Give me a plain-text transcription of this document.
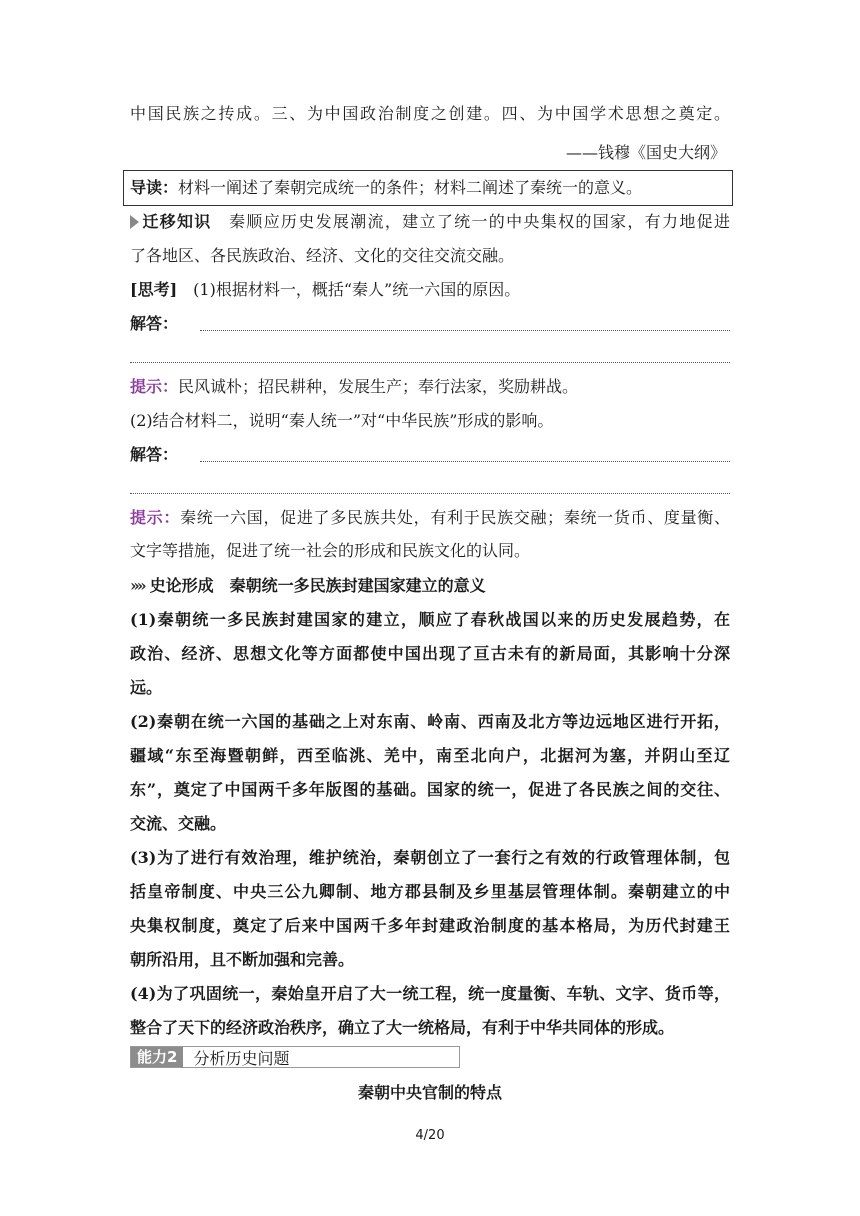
中国民族之抟成。三、为中国政治制度之创建。四、为中国学术思想之奠定。
——钱穆《国史大纲》
导读：材料一阐述了秦朝完成统一的条件；材料二阐述了秦统一的意义。
迁移知识　 秦顺应历史发展潮流，建立了统一的中央集权的国家，有力地促进
了各地区、各民族政治、经济、文化的交往交流交融。
[思考]　 (1)根据材料一，概括“秦人”统一六国的原因。
解答：
提示：民风诚朴；招民耕种，发展生产；奉行法家，奖励耕战。
(2)结合材料二，说明“秦人统一”对“中华民族”形成的影响。
解答：
提示：秦统一六国，促进了多民族共处，有利于民族交融；秦统一货币、度量衡、
文字等措施，促进了统一社会的形成和民族文化的认同。
›››› 史论形成　 秦朝统一多民族封建国家建立的意义
(1)秦朝统一多民族封建国家的建立，顺应了春秋战国以来的历史发展趋势，在
政治、经济、思想文化等方面都使中国出现了亘古未有的新局面，其影响十分深
远。
(2)秦朝在统一六国的基础之上对东南、岭南、西南及北方等边远地区进行开拓，
疆域“东至海暨朝鲜，西至临洮、羌中，南至北向户，北据河为塞，并阴山至辽
东”，奠定了中国两千多年版图的基础。国家的统一，促进了各民族之间的交往、
交流、交融。
(3)为了进行有效治理，维护统治，秦朝创立了一套行之有效的行政管理体制，包
括皇帝制度、中央三公九卿制、地方郡县制及乡里基层管理体制。秦朝建立的中
央集权制度，奠定了后来中国两千多年封建政治制度的基本格局，为历代封建王
朝所沿用，且不断加强和完善。
(4)为了巩固统一，秦始皇开启了大一统工程，统一度量衡、车轨、文字、货币等，
整合了天下的经济政治秩序，确立了大一统格局，有利于中华共同体的形成。
能力2	分析历史问题
秦朝中央官制的特点
4/20
